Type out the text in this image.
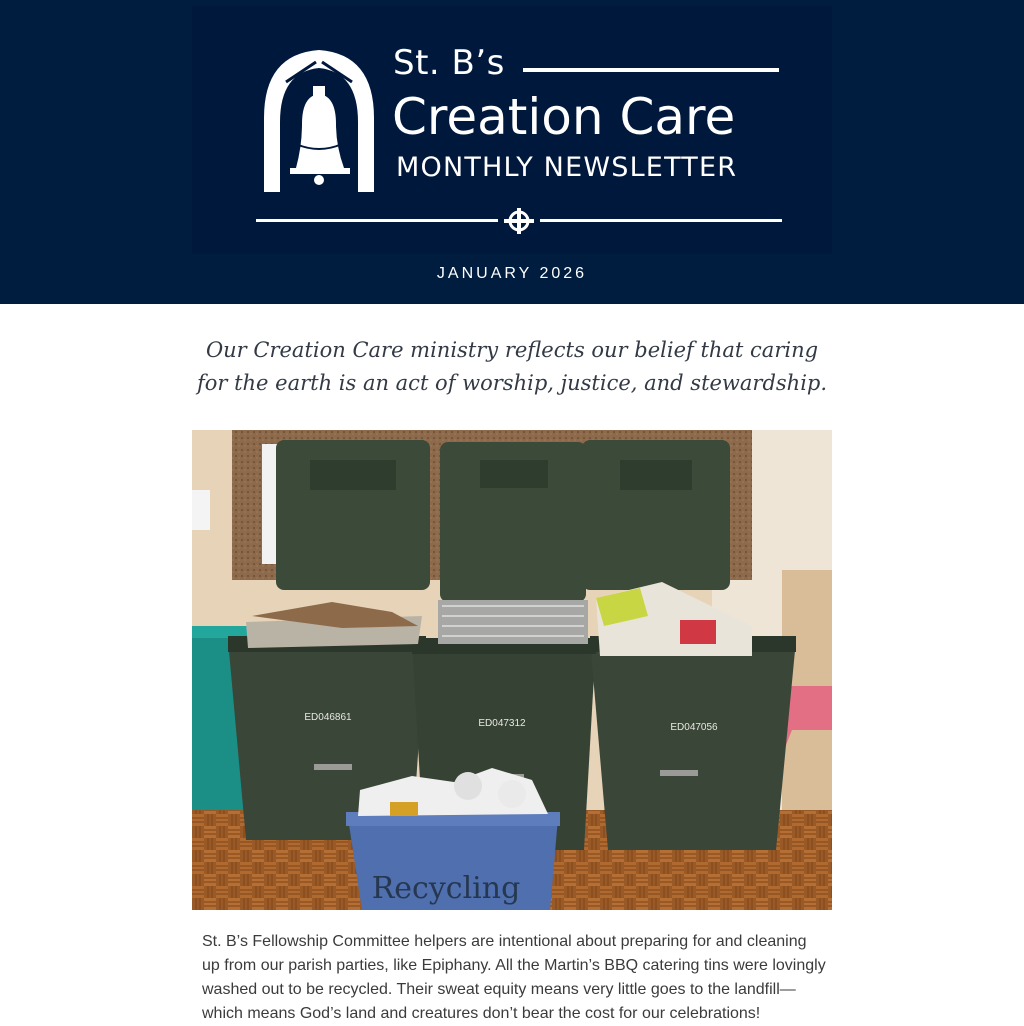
St. B’s
Creation Care
MONTHLY NEWSLETTER
JANUARY 2026
Our Creation Care ministry reflects our belief that caring for the earth is an act of worship, justice, and stewardship.
ED046861
ED047312	ED047056
Recycling
St. B’s Fellowship Committee helpers are intentional about preparing for and cleaning up from our parish parties, like Epiphany. All the Martin’s BBQ catering tins were lovingly washed out to be recycled. Their sweat equity means very little goes to the landfill—which means God’s land and creatures don’t bear the cost for our celebrations!
